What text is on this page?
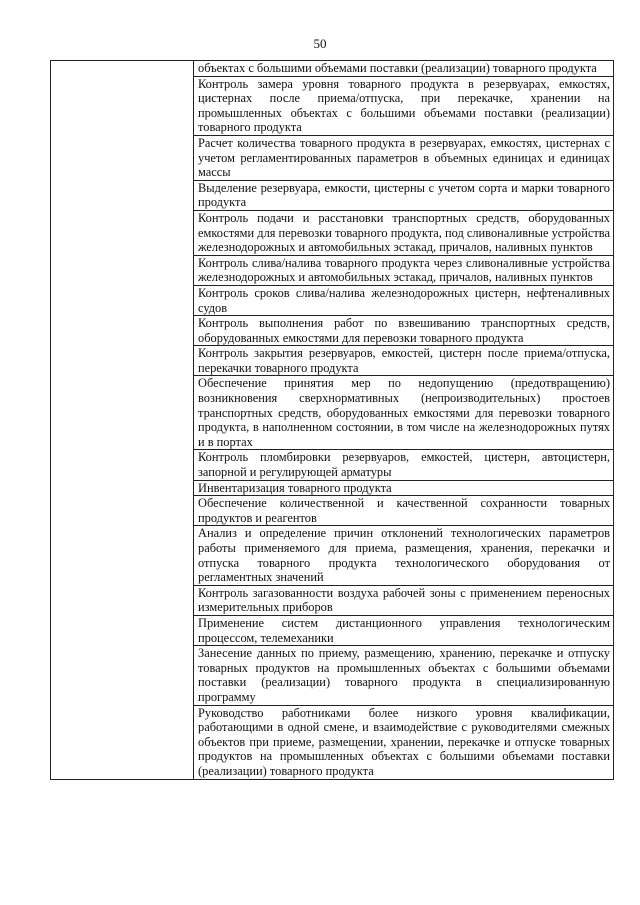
50
	объектах с большими объемами поставки (реализации) товарного продукта
Контроль замера уровня товарного продукта в резервуарах, емкостях, цистернах после приема/отпуска, при перекачке, хранении на промышленных объектах с большими объемами поставки (реализации) товарного продукта
Расчет количества товарного продукта в резервуарах, емкостях, цистернах с учетом регламентированных параметров в объемных единицах и единицах массы
Выделение резервуара, емкости, цистерны с учетом сорта и марки товарного продукта
Контроль подачи и расстановки транспортных средств, оборудованных емкостями для перевозки товарного продукта, под сливоналивные устройства железнодорожных и автомобильных эстакад, причалов, наливных пунктов
Контроль слива/налива товарного продукта через сливоналивные устройства железнодорожных и автомобильных эстакад, причалов, наливных пунктов
Контроль сроков слива/налива железнодорожных цистерн, нефтеналивных судов
Контроль выполнения работ по взвешиванию транспортных средств, оборудованных емкостями для перевозки товарного продукта
Контроль закрытия резервуаров, емкостей, цистерн после приема/отпуска, перекачки товарного продукта
Обеспечение принятия мер по недопущению (предотвращению) возникновения сверхнормативных (непроизводительных) простоев транспортных средств, оборудованных емкостями для перевозки товарного продукта, в наполненном состоянии, в том числе на железнодорожных путях и в портах
Контроль пломбировки резервуаров, емкостей, цистерн, автоцистерн, запорной и регулирующей арматуры
Инвентаризация товарного продукта
Обеспечение количественной и качественной сохранности товарных продуктов и реагентов
Анализ и определение причин отклонений технологических параметров работы применяемого для приема, размещения, хранения, перекачки и отпуска товарного продукта технологического оборудования от регламентных значений
Контроль загазованности воздуха рабочей зоны с применением переносных измерительных приборов
Применение систем дистанционного управления технологическим процессом, телемеханики
Занесение данных по приему, размещению, хранению, перекачке и отпуску товарных продуктов на промышленных объектах с большими объемами поставки (реализации) товарного продукта в специализированную программу
Руководство работниками более низкого уровня квалификации, работающими в одной смене, и взаимодействие с руководителями смежных объектов при приеме, размещении, хранении, перекачке и отпуске товарных продуктов на промышленных объектах с большими объемами поставки (реализации) товарного продукта
